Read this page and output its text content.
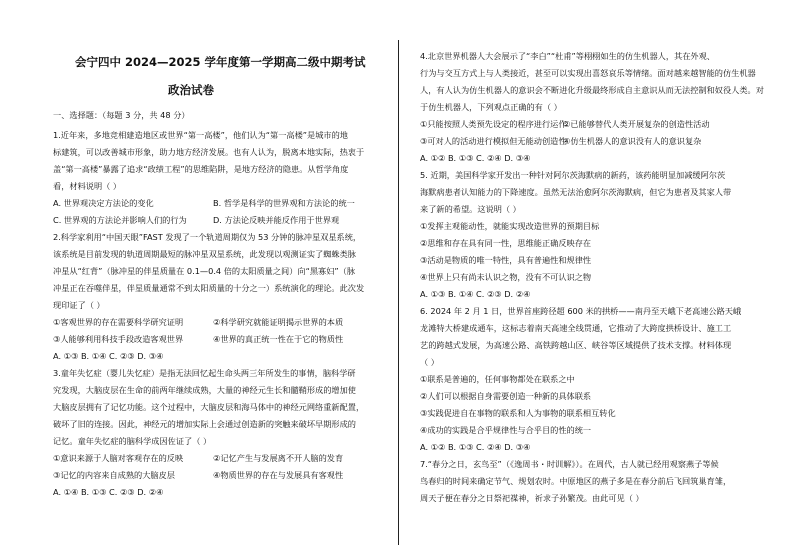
会宁四中 2024—2025 学年度第一学期高二级中期考试
政治试卷
一、选择题：（每题 3 分，共 48 分）
1.近年来，多地竞相建造地区或世界“第一高楼”，他们认为“第一高楼”是城市的地
标建筑，可以改善城市形象，助力地方经济发展。也有人认为，脱离本地实际，热衷于
盖“第一高楼”暴露了追求“政绩工程”的思维陷阱，是地方经济的隐患。从哲学角度
看，材料说明（ ）
A. 世界观决定方法论的变化	B. 哲学是科学的世界观和方法论的统一
C. 世界观的方法论并影响人们的行为	D. 方法论反映并能反作用于世界观
2.科学家利用“中国天眼”FAST 发现了一个轨道周期仅为 53 分钟的脉冲星双星系统，
该系统是目前发现的轨道周期最短的脉冲星双星系统，此发现以观测证实了蜘蛛类脉
冲星从“红背”（脉冲星的伴星质量在 0.1—0.4 倍的太阳质量之间）向“黑寡妇”（脉
冲星正在吞噬伴星，伴星质量通常不到太阳质量的十分之一）系统演化的理论。此次发
现印证了（ ）
①客观世界的存在需要科学研究证明	②科学研究就能证明揭示世界的本质
③人能够利用科技手段改造客观世界	④世界的真正统一性在于它的物质性
A. ①③ B. ①④ C. ②③ D. ③④
3.童年失忆症（婴儿失忆症）是指无法回忆起生命头两三年所发生的事情，脑科学研
究发现，大脑皮层在生命的前两年继续成熟，大量的神经元生长和髓鞘形成的增加使
大脑皮层拥有了记忆功能。这个过程中，大脑皮层和海马体中的神经元网络重新配置，
破坏了旧的连接。因此，神经元的增加实际上会通过创造新的突触来破坏早期形成的
记忆。童年失忆症的脑科学成因佐证了（ ）
①意识来源于人脑对客观存在的反映	②记忆产生与发展离不开人脑的发育
③记忆的内容来自成熟的大脑皮层	④物质世界的存在与发展具有客观性
A. ①④ B. ①③ C. ②③ D. ②④
4.北京世界机器人大会展示了“李白”“杜甫”等栩栩如生的仿生机器人，其在外观、
行为与交互方式上与人类接近，甚至可以实现出喜怒哀乐等情绪。面对越来越智能的仿生机器
人，有人认为仿生机器人的意识会不断进化升级最终形成自主意识从而无法控制和奴役人类。对
于仿生机器人，下列观点正确的有（ ）
①只能按照人类预先设定的程序进行运作
②已能够替代人类开展复杂的创造性活动
③可对人的活动进行模拟但无能动创造性
④仿生机器人的意识没有人的意识复杂
A. ①② B. ①③ C. ②④ D. ③④
5. 近期，美国科学家开发出一种针对阿尔茨海默病的新药，该药能明显加减缓阿尔茨
海默病患者认知能力的下降速度。虽然无法治愈阿尔茨海默病，但它为患者及其家人带
来了新的希望。这说明（ ）
①发挥主观能动性，就能实现改造世界的预期目标
②思维和存在具有同一性，思维能正确反映存在
③活动是物质的唯一特性，具有普遍性和规律性
④世界上只有尚未认识之物，没有不可认识之物
A. ①③ B. ①④ C. ②③ D. ②④
6. 2024 年 2 月 1 日，世界首座跨径超 600 米的拱桥——南丹至天峨下老高速公路天峨
龙滩特大桥建成通车，这标志着南天高速全线贯通，它推动了大跨度拱桥设计、施工工
艺的跨越式发展，为高速公路、高铁跨越山区、峡谷等区域提供了技术支撑。材料体现
（ ）
①联系是普遍的，任何事物都处在联系之中
②人们可以根据自身需要创造一种新的具体联系
③实践促进自在事物的联系和人为事物的联系相互转化
④成功的实践是合乎规律性与合乎目的性的统一
A. ①② B. ①③ C. ②④ D. ③④
7.“春分之日，玄鸟至”（《逸周书・时训解》）。在周代，古人就已经用观察燕子等候
鸟春归的时间来确定节气、规划农时。中原地区的燕子多是在春分前后飞回筑巢育雏，
周天子便在春分之日祭祀禖神，祈求子孙繁茂。由此可见（ ）
